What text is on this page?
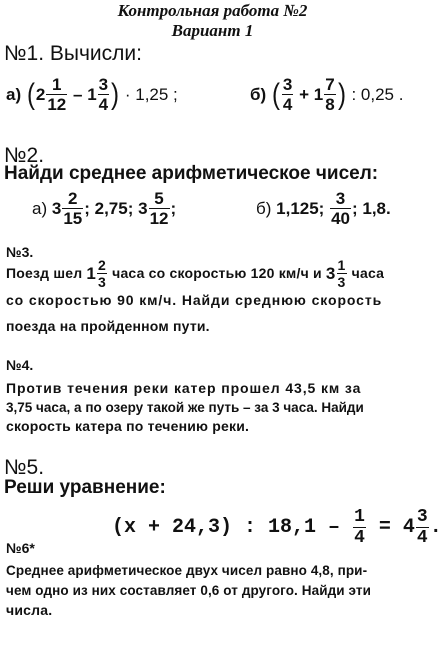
Контрольная работа №2
Вариант 1
№1. Вычисли:
а)
( $2 \frac{1}{12}$
–
$1 \frac{3}{4}$ )
· 1,25 ;	б)
( $\frac{3}{4}$
+
$1 \frac{7}{8}$ )
: 0,25 .
№2.
Найди среднее арифметическое чисел:
а)
$3 \frac{2}{15}$ ; 2,75; $3 \frac{5}{12}$ ;	б)
1,125; $\frac{3}{40}$ ; 1,8.
№3.
Поезд шел $1 \frac{2}{3}$ часа со скоростью 120 км/ч и $3 \frac{1}{3}$ часа
со скоростью 90 км/ч. Найди среднюю скорость
поезда на пройденном пути.
№4.
Против течения реки катер прошел 43,5 км за
3,75 часа, а по озеру такой же путь – за 3 часа. Найди
скорость катера по течению реки.
№5.
Реши уравнение:
(x + 24,3) : 18,1 –
$\frac{1}{4}$
= $4 \frac{3}{4}$ .
№6*
Среднее арифметическое двух чисел равно 4,8, при-
чем одно из них составляет 0,6 от другого. Найди эти
числа.
